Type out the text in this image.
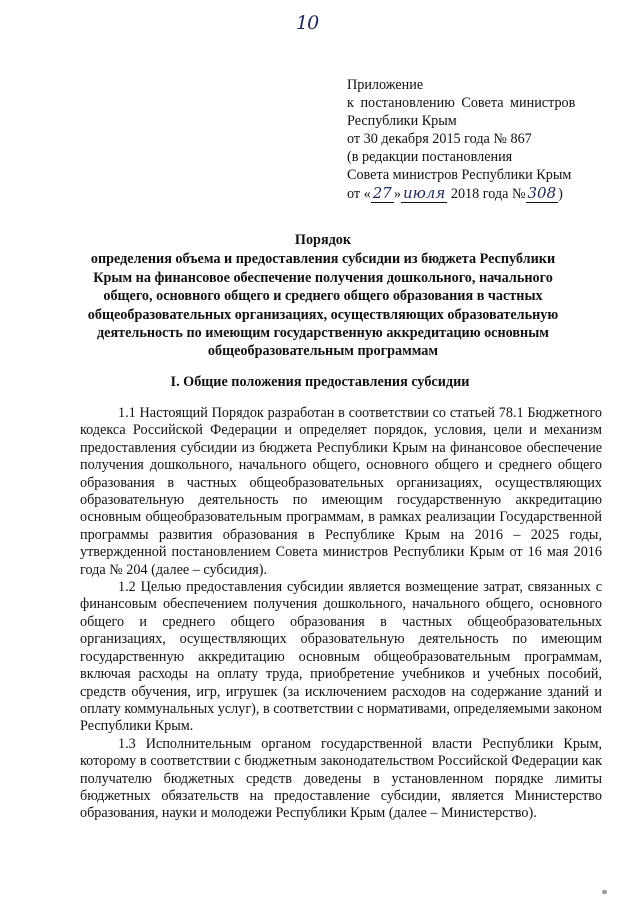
10
Приложение
к постановлению Совета министров
Республики Крым
от 30 декабря 2015 года № 867
(в редакции постановления
Совета министров Республики Крым
от « 27 » июля 2018 года № 308 )
Порядок
определения объема и предоставления субсидии из бюджета Республики Крым на финансовое обеспечение получения дошкольного, начального общего, основного общего и среднего общего образования в частных общеобразовательных организациях, осуществляющих образовательную деятельность по имеющим государственную аккредитацию основным общеобразовательным программам
I. Общие положения предоставления субсидии

1.1 Настоящий Порядок разработан в соответствии со статьей 78.1 Бюджетного кодекса Российской Федерации и определяет порядок, условия, цели и механизм предоставления субсидии из бюджета Республики Крым на финансовое обеспечение получения дошкольного, начального общего, основного общего и среднего общего образования в частных общеобразовательных организациях, осуществляющих образовательную деятельность по имеющим государственную аккредитацию основным общеобразовательным программам, в рамках реализации Государственной программы развития образования в Республике Крым на 2016 – 2025 годы, утвержденной постановлением Совета министров Республики Крым от 16 мая 2016 года № 204 (далее – субсидия).

1.2 Целью предоставления субсидии является возмещение затрат, связанных с финансовым обеспечением получения дошкольного, начального общего, основного общего и среднего общего образования в частных общеобразовательных организациях, осуществляющих образовательную деятельность по имеющим государственную аккредитацию основным общеобразовательным программам, включая расходы на оплату труда, приобретение учебников и учебных пособий, средств обучения, игр, игрушек (за исключением расходов на содержание зданий и оплату коммунальных услуг), в соответствии с нормативами, определяемыми законом Республики Крым.

1.3 Исполнительным органом государственной власти Республики Крым, которому в соответствии с бюджетным законодательством Российской Федерации как получателю бюджетных средств доведены в установленном порядке лимиты бюджетных обязательств на предоставление субсидии, является Министерство образования, науки и молодежи Республики Крым (далее – Министерство).
